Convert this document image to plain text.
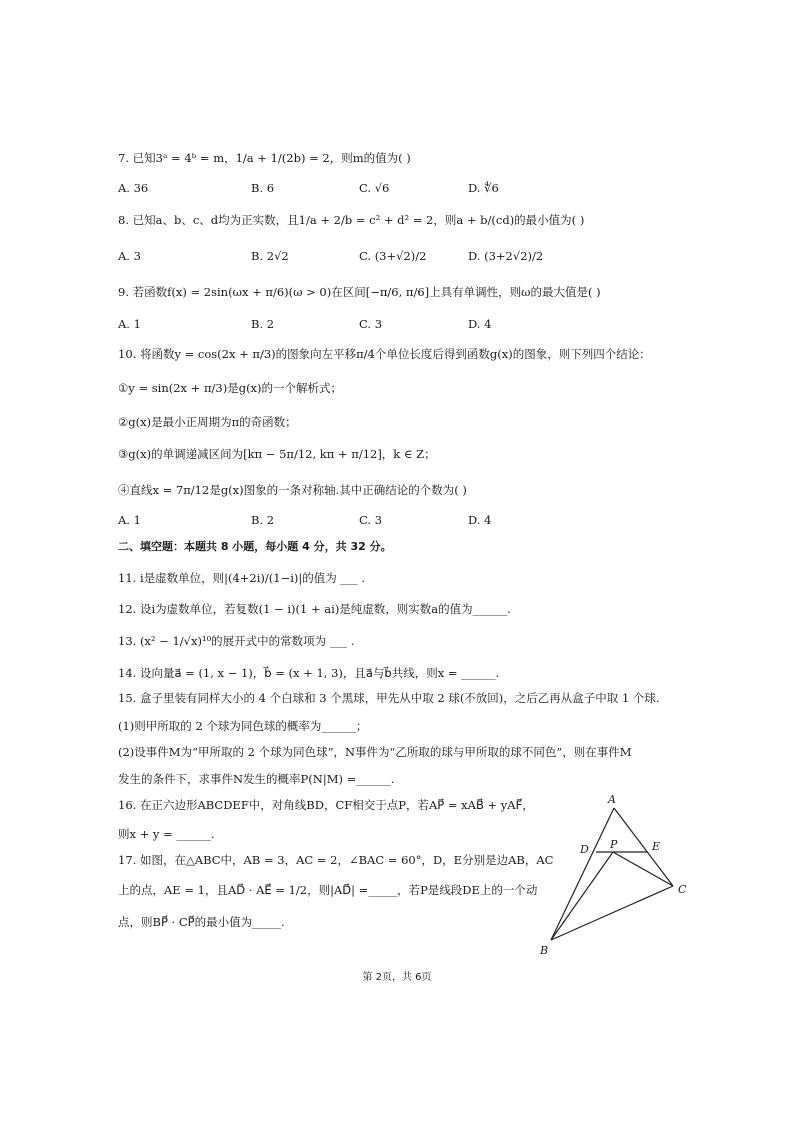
7. 已知3ᵃ = 4ᵇ = m，1/a + 1/(2b) = 2，则m的值为( )
A. 36	B. 6	C. √6	D. ∜6
8. 已知a、b、c、d均为正实数，且1/a + 2/b = c² + d² = 2，则a + b/(cd)的最小值为( )
A. 3	B. 2√2	C. (3+√2)/2	D. (3+2√2)/2
9. 若函数f(x) = 2sin(ωx + π/6)(ω > 0)在区间[−π/6, π/6]上具有单调性，则ω的最大值是( )
A. 1	B. 2	C. 3	D. 4
10. 将函数y = cos(2x + π/3)的图象向左平移π/4个单位长度后得到函数g(x)的图象，则下列四个结论：
①y = sin(2x + π/3)是g(x)的一个解析式；
②g(x)是最小正周期为π的奇函数；
③g(x)的单调递减区间为[kπ − 5π/12, kπ + π/12]，k ∈ Z；
④直线x = 7π/12是g(x)图象的一条对称轴.其中正确结论的个数为( )
A. 1	B. 2	C. 3	D. 4
二、填空题：本题共 8 小题，每小题 4 分，共 32 分。
11. i是虚数单位，则|(4+2i)/(1−i)|的值为 ___ .
12. 设i为虚数单位，若复数(1 − i)(1 + ai)是纯虚数，则实数a的值为______.
13. (x² − 1/√x)¹⁰的展开式中的常数项为 ___ .
14. 设向量a⃗ = (1, x − 1)，b⃗ = (x + 1, 3)，且a⃗与b⃗共线，则x = ______.
15. 盒子里装有同样大小的 4 个白球和 3 个黑球，甲先从中取 2 球(不放回)，之后乙再从盒子中取 1 个球.
(1)则甲所取的 2 个球为同色球的概率为______；
(2)设事件M为“甲所取的 2 个球为同色球”，N事件为“乙所取的球与甲所取的球不同色”，则在事件M
发生的条件下，求事件N发生的概率P(N|M) =______.
16. 在正六边形ABCDEF中，对角线BD，CF相交于点P，若AP⃗ = xAB⃗ + yAF⃗，
则x + y = ______.
17. 如图，在△ABC中，AB = 3，AC = 2，∠BAC = 60°，D，E分别是边AB，AC
上的点，AE = 1，且AD⃗ · AE⃗ = 1/2，则|AD⃗| =_____，若P是线段DE上的一个动
点，则BP⃗ · CP⃗的最小值为_____.
A
B
C
D	E
P
第 2页，共 6页
